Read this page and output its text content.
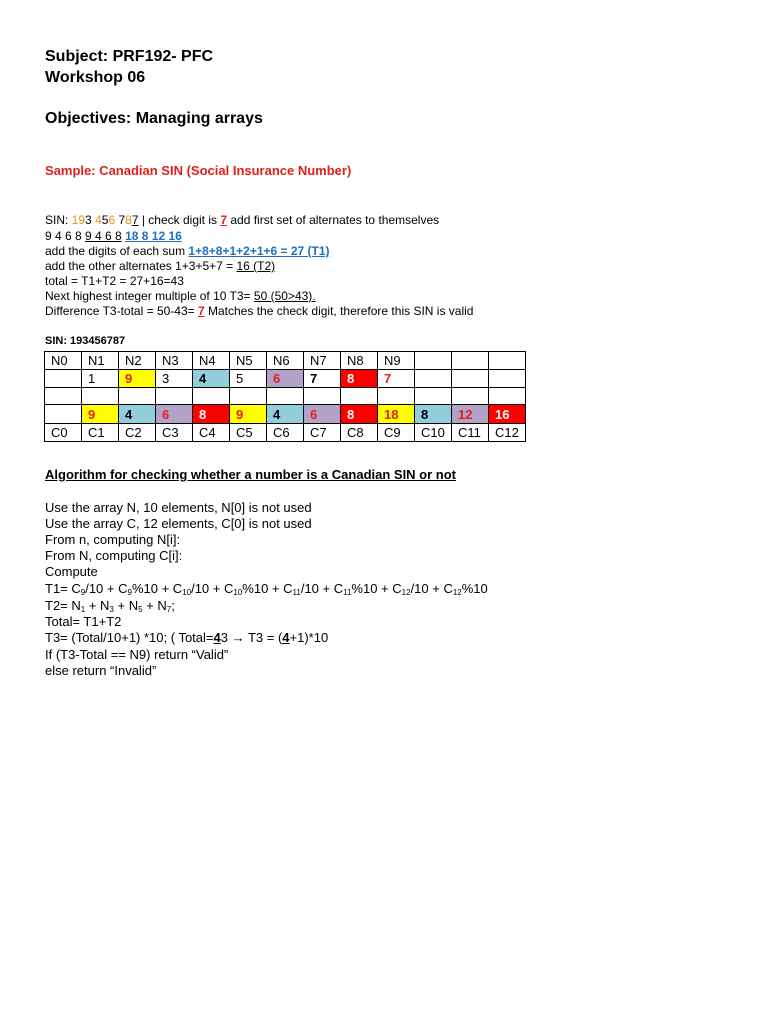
Subject: PRF192- PFC
Workshop 06
Objectives: Managing arrays
Sample: Canadian SIN (Social Insurance Number)
SIN: 193 456 787 | check digit is 7 add first set of alternates to themselves
9 4 6 8 9 4 6 8 18 8 12 16
add the digits of each sum 1+8+8+1+2+1+6 = 27 (T1)
add the other alternates 1+3+5+7 = 16 (T2)
total = T1+T2 = 27+16=43
Next highest integer multiple of 10 T3= 50 (50>43).
Difference T3-total = 50-43= 7 Matches the check digit, therefore this SIN is valid
SIN: 193456787
N0	N1	N2	N3	N4	N5	N6	N7	N8	N9			
	1	9	3	4	5	6	7	8	7			

	9	4	6	8	9	4	6	8	18	8	12	16
C0	C1	C2	C3	C4	C5	C6	C7	C8	C9	C10	C11	C12
Algorithm for checking whether a number is a Canadian SIN or not
Use the array N, 10 elements, N[0] is not used
Use the array C, 12 elements, C[0] is not used
From n, computing N[i]:
From N, computing C[i]:
Compute
$T1= C_9/10 + C_9\%10 + C_{10}/10 + C_{10}\%10 + C_{11}/10 + C_{11}\%10 + C_{12}/10 + C_{12}\%10$
$T2= N_1 + N_3 + N_5 + N_7$;
Total= T1+T2
T3= (Total/10+1) *10; ( Total=43 → T3 = (4+1)*10
If (T3-Total == N9) return “Valid”
else return “Invalid”
